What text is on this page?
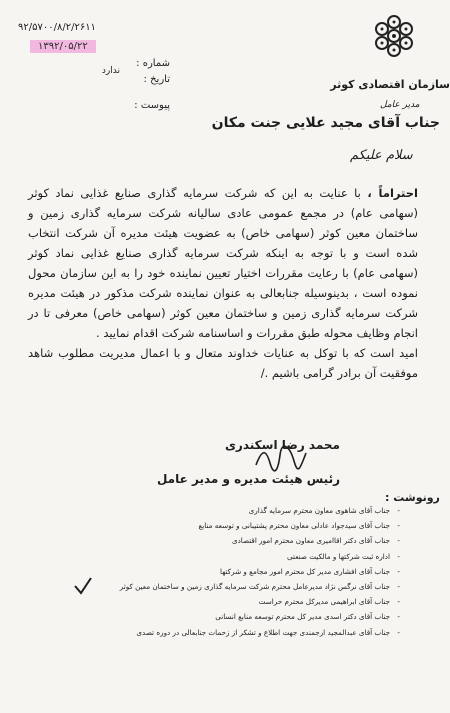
۹۲/۵۷۰۰/۸/۲/۲۶۱۱
۱۳۹۲/۰۵/۲۲
شماره :
تاریخ :
پیوست :
ندارد
سازمان اقتصادی کوثر
مدیر عامل
جناب آقای مجید علایی جنت مکان
سلام علیکم

احتراماً ، با عنایت به این که شرکت سرمایه گذاری صنایع غذایی نماد کوثر (سهامی عام) در مجمع عمومی عادی سالیانه شرکت سرمایه گذاری زمین و ساختمان معین کوثر (سهامی خاص) به عضویت هیئت مدیره آن شرکت انتخاب شده است و با توجه به اینکه شرکت سرمایه گذاری صنایع غذایی نماد کوثر (سهامی عام) با رعایت مقررات اختیار تعیین نماینده خود را به این سازمان محول نموده است ، بدینوسیله جنابعالی به عنوان نماینده شرکت مذکور در هیئت مدیره شرکت سرمایه گذاری زمین و ساختمان معین کوثر (سهامی خاص) معرفی تا در انجام وظایف محوله طبق مقررات و اساسنامه شرکت اقدام نمایید .

امید است که با توکل به عنایات خداوند متعال و با اعمال مدیریت مطلوب شاهد موفقیت آن برادر گرامی باشیم ./

محمد رضا اسکندری
رئیس هیئت مدیره و مدیر عامل
رونوشت :
- جناب آقای شاهوی معاون محترم سرمایه گذاری
- جناب آقای سیدجواد عادلی معاون محترم پشتیبانی و توسعه منابع
- جناب آقای دکتر اقاامیری معاون محترم امور اقتصادی
- اداره ثبت شرکتها و مالکیت صنعتی
- جناب آقای افشاری مدیر کل محترم امور مجامع و شرکتها
- جناب آقای نرگس نژاد مدیرعامل محترم شرکت سرمایه گذاری زمین و ساختمان معین کوثر
- جناب آقای ابراهیمی مدیرکل محترم حراست
- جناب آقای دکتر اسدی مدیر کل محترم توسعه منابع انسانی
- جناب آقای عبدالمجید ارجمندی جهت اطلاع و تشکر از زحمات جنابعالی در دوره تصدی
